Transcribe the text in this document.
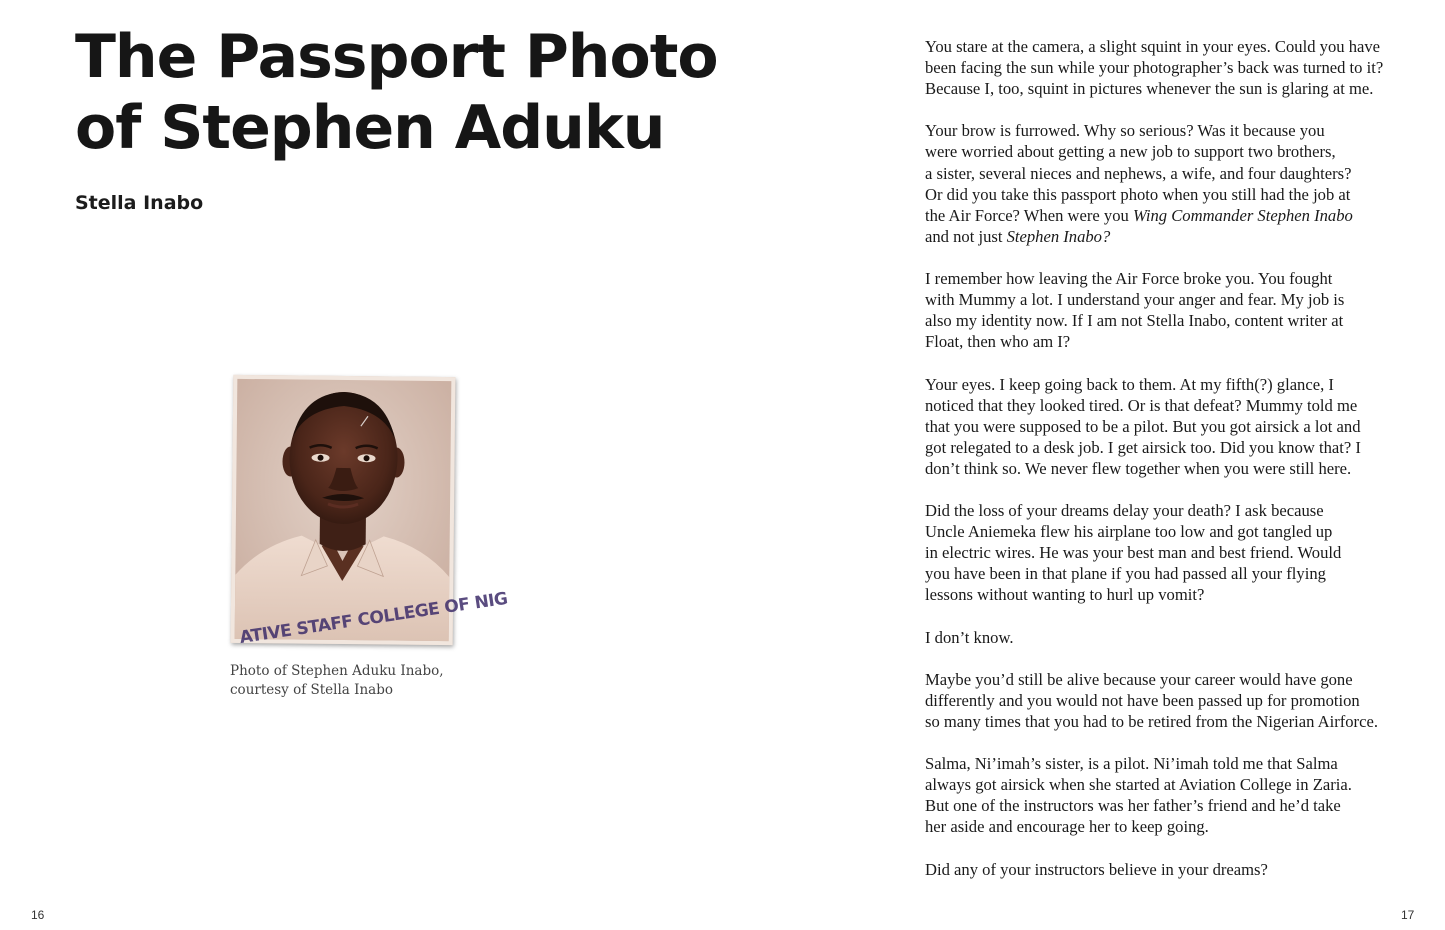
The Passport Photo
of Stephen Aduku

Stella Inabo

ATIVE STAFF COLLEGE OF NIG

Photo of Stephen Aduku Inabo,
courtesy of Stella Inabo

16

You stare at the camera, a slight squint in your eyes. Could you have
been facing the sun while your photographer’s back was turned to it?
Because I, too, squint in pictures whenever the sun is glaring at me.

Your brow is furrowed. Why so serious? Was it because you
were worried about getting a new job to support two brothers,
a sister, several nieces and nephews, a wife, and four daughters?
Or did you take this passport photo when you still had the job at
the Air Force? When were you Wing Commander Stephen Inabo
and not just Stephen Inabo?

I remember how leaving the Air Force broke you. You fought
with Mummy a lot. I understand your anger and fear. My job is
also my identity now. If I am not Stella Inabo, content writer at
Float, then who am I?

Your eyes. I keep going back to them. At my fifth(?) glance, I
noticed that they looked tired. Or is that defeat? Mummy told me
that you were supposed to be a pilot. But you got airsick a lot and
got relegated to a desk job. I get airsick too. Did you know that? I
don’t think so. We never flew together when you were still here.

Did the loss of your dreams delay your death? I ask because
Uncle Aniemeka flew his airplane too low and got tangled up
in electric wires. He was your best man and best friend. Would
you have been in that plane if you had passed all your flying
lessons without wanting to hurl up vomit?

I don’t know.

Maybe you’d still be alive because your career would have gone
differently and you would not have been passed up for promotion
so many times that you had to be retired from the Nigerian Airforce.

Salma, Ni’imah’s sister, is a pilot. Ni’imah told me that Salma
always got airsick when she started at Aviation College in Zaria.
But one of the instructors was her father’s friend and he’d take
her aside and encourage her to keep going.

Did any of your instructors believe in your dreams?

17
